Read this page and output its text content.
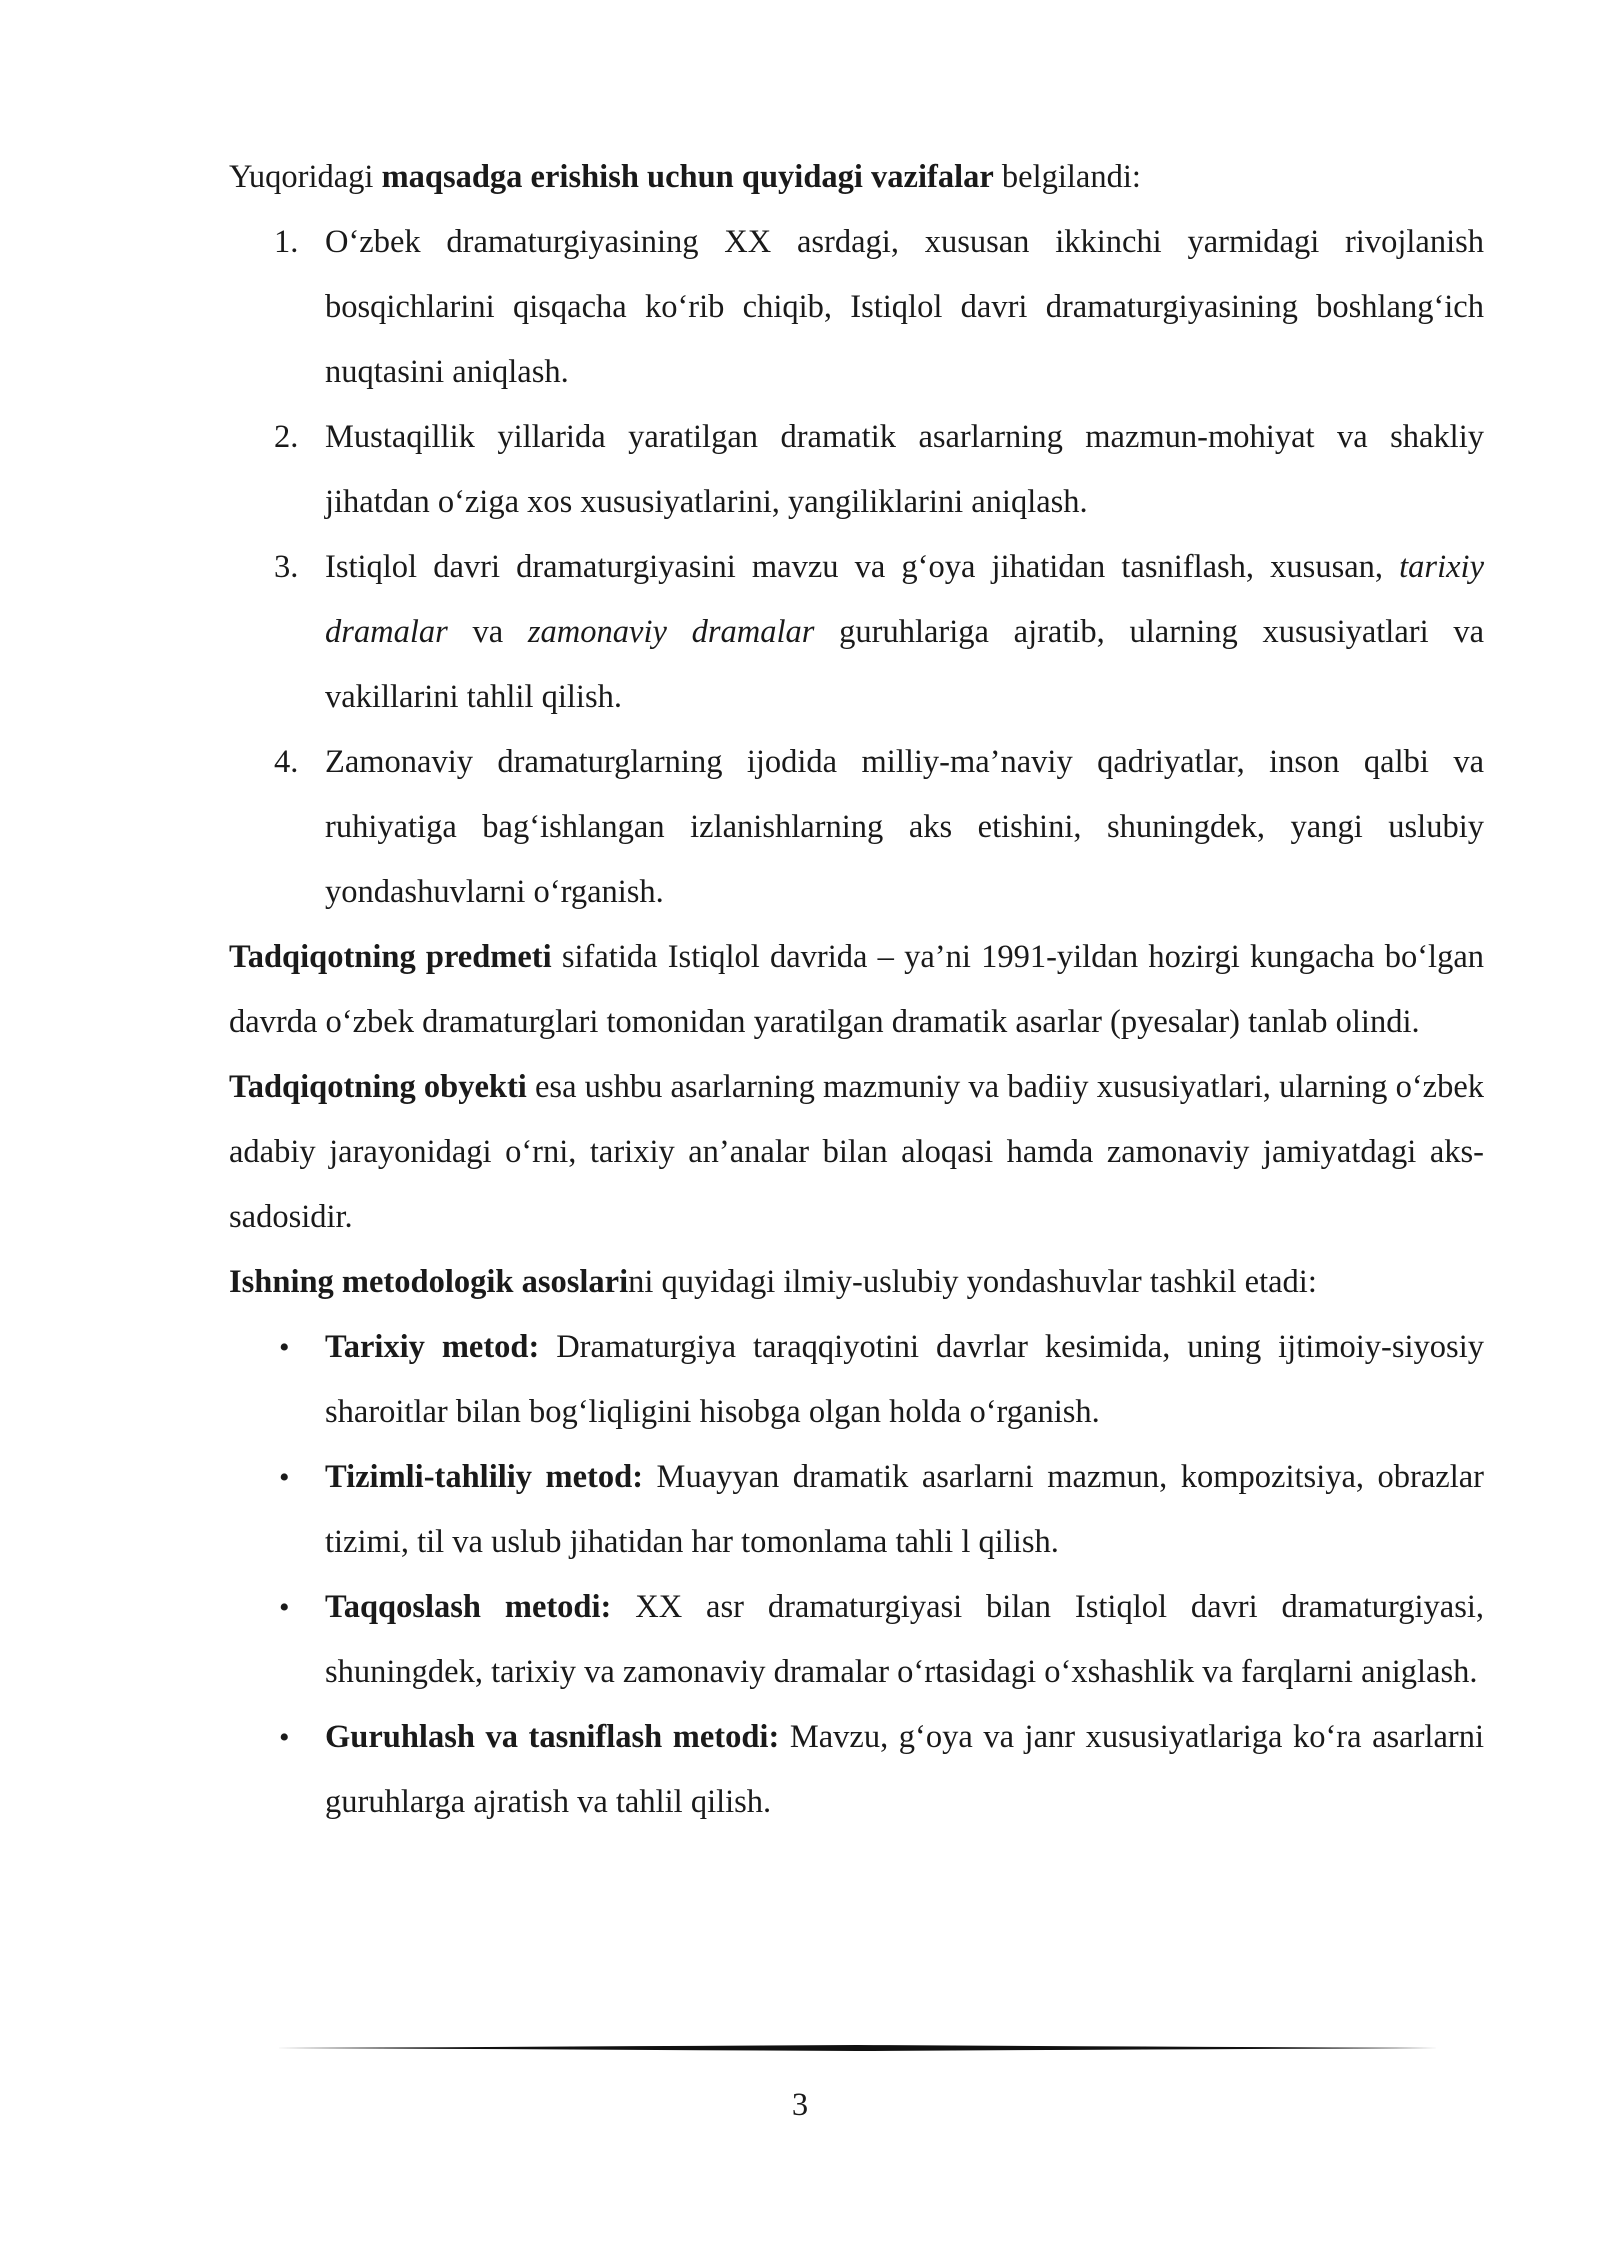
Yuqoridagi maqsadga erishish uchun quyidagi vazifalar belgilandi:

1. O‘zbek dramaturgiyasining XX asrdagi, xususan ikkinchi yarmidagi rivojlanish bosqichlarini qisqacha ko‘rib chiqib, Istiqlol davri dramaturgiyasining boshlang‘ich nuqtasini aniqlash.
2. Mustaqillik yillarida yaratilgan dramatik asarlarning mazmun-mohiyat va shakliy jihatdan o‘ziga xos xususiyatlarini, yangiliklarini aniqlash.
3. Istiqlol davri dramaturgiyasini mavzu va g‘oya jihatidan tasniflash, xususan, tarixiy dramalar va zamonaviy dramalar guruhlariga ajratib, ularning xususiyatlari va vakillarini tahlil qilish.
4. Zamonaviy dramaturglarning ijodida milliy-ma’naviy qadriyatlar, inson qalbi va ruhiyatiga bag‘ishlangan izlanishlarning aks etishini, shuningdek, yangi uslubiy yondashuvlarni o‘rganish.

Tadqiqotning predmeti sifatida Istiqlol davrida – ya’ni 1991-yildan hozirgi kungacha bo‘lgan davrda o‘zbek dramaturglari tomonidan yaratilgan dramatik asarlar (pyesalar) tanlab olindi.

Tadqiqotning obyekti esa ushbu asarlarning mazmuniy va badiiy xususiyatlari, ularning o‘zbek adabiy jarayonidagi o‘rni, tarixiy an’analar bilan aloqasi hamda zamonaviy jamiyatdagi aks-sadosidir.

Ishning metodologik asoslarini quyidagi ilmiy-uslubiy yondashuvlar tashkil etadi:

• Tarixiy metod: Dramaturgiya taraqqiyotini davrlar kesimida, uning ijtimoiy-siyosiy sharoitlar bilan bog‘liqligini hisobga olgan holda o‘rganish.
• Tizimli-tahliliy metod: Muayyan dramatik asarlarni mazmun, kompozitsiya, obrazlar tizimi, til va uslub jihatidan har tomonlama tahli l qilish.
• Taqqoslash metodi: XX asr dramaturgiyasi bilan Istiqlol davri dramaturgiyasi, shuningdek, tarixiy va zamonaviy dramalar o‘rtasidagi o‘xshashlik va farqlarni aniglash.
• Guruhlash va tasniflash metodi: Mavzu, g‘oya va janr xususiyatlariga ko‘ra asarlarni guruhlarga ajratish va tahlil qilish.
3
